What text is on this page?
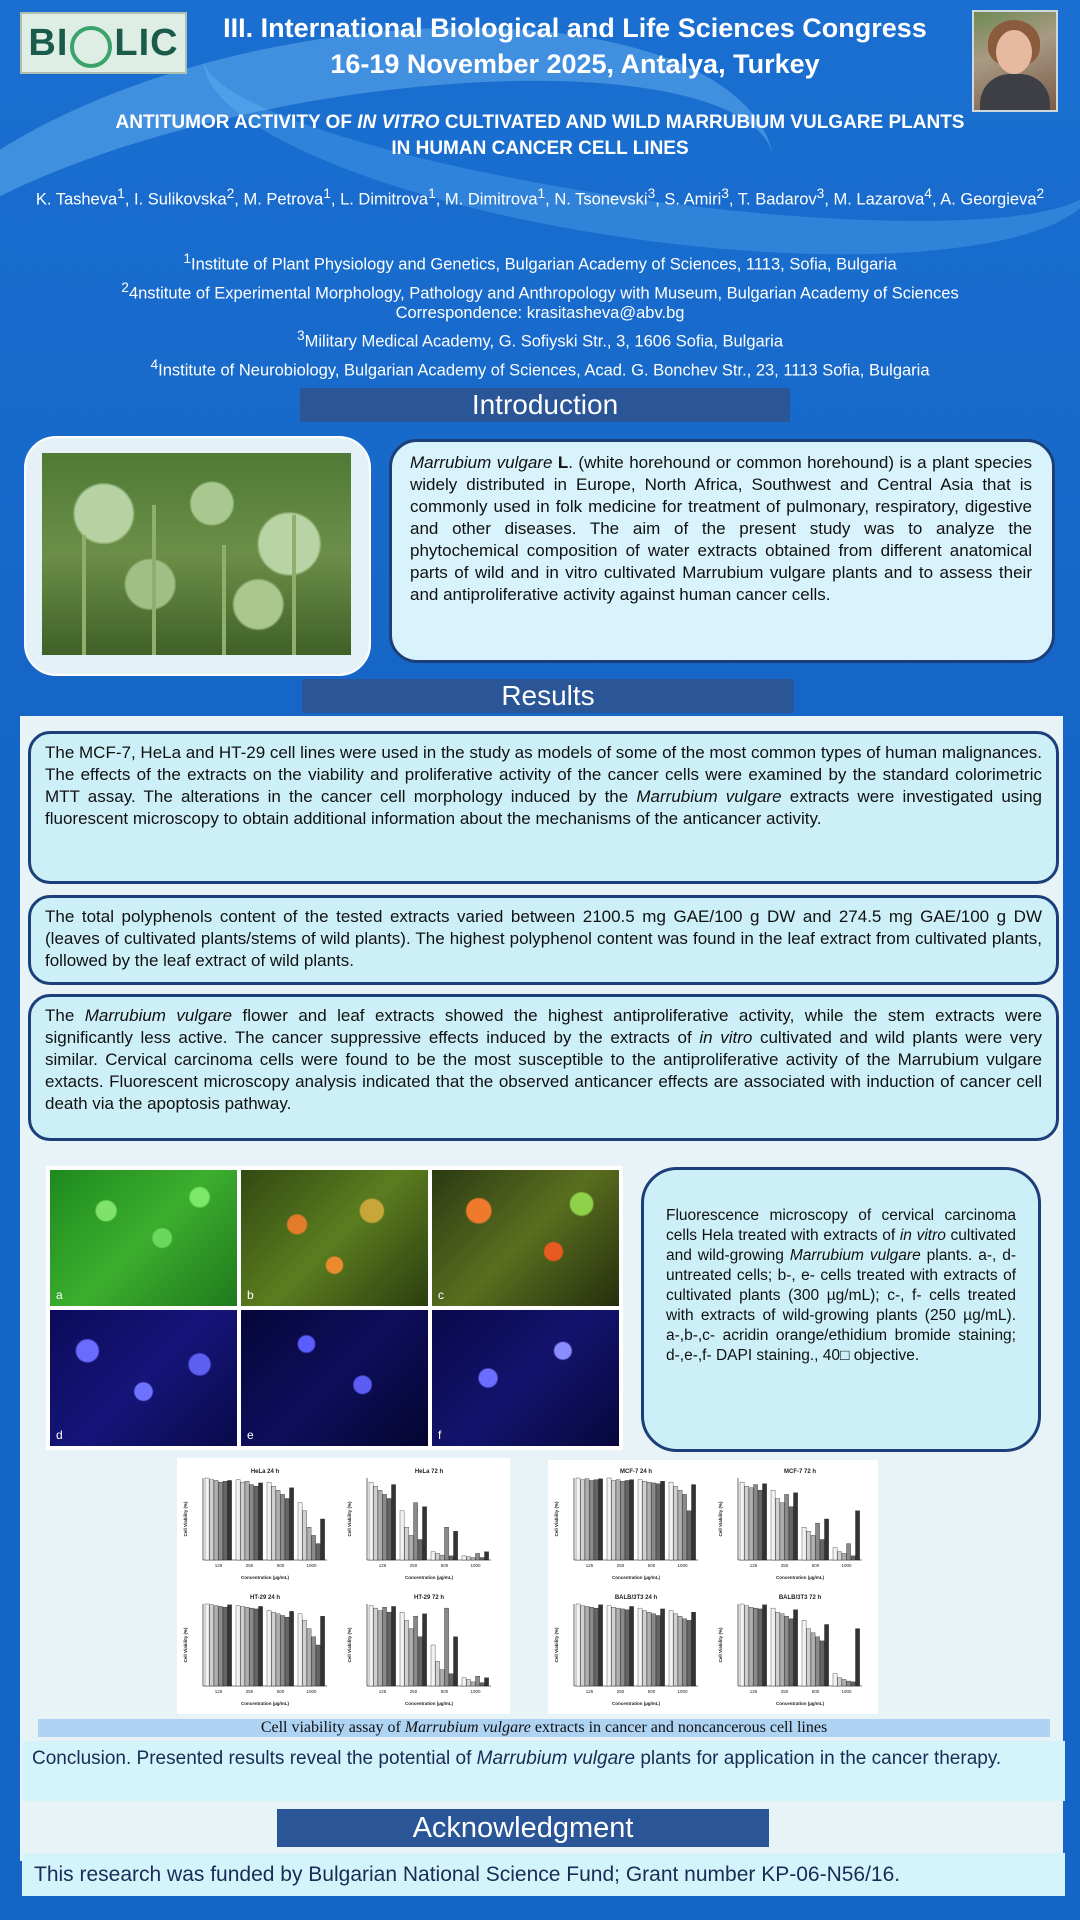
BI LIC	III. International Biological and Life Sciences Congress
16-19 November 2025, Antalya, Turkey
ANTITUMOR ACTIVITY OF IN VITRO CULTIVATED AND WILD MARRUBIUM VULGARE PLANTS
IN HUMAN CANCER CELL LINES
K. Tasheva$^1$, I. Sulikovska$^2$, M. Petrova$^1$, L. Dimitrova$^1$, M. Dimitrova$^1$, N. Tsonevski$^3$, S. Amiri$^3$, T. Badarov$^3$, M. Lazarova$^4$, A. Georgieva$^2$
$^1$Institute of Plant Physiology and Genetics, Bulgarian Academy of Sciences, 1113, Sofia, Bulgaria
$^2$4nstitute of Experimental Morphology, Pathology and Anthropology with Museum, Bulgarian Academy of Sciences
Correspondence: krasitasheva@abv.bg
$^3$Military Medical Academy, G. Sofiyski Str., 3, 1606 Sofia, Bulgaria
$^4$Institute of Neurobiology, Bulgarian Academy of Sciences, Acad. G. Bonchev Str., 23, 1113 Sofia, Bulgaria
Introduction
Marrubium vulgare L. (white horehound or common horehound) is a plant species widely distributed in Europe, North Africa, Southwest and Central Asia that is commonly used in folk medicine for treatment of pulmonary, respiratory, digestive and other diseases. The aim of the present study was to analyze the phytochemical composition of water extracts obtained from different anatomical parts of wild and in vitro cultivated Marrubium vulgare plants and to assess their and antiproliferative activity against human cancer cells.
Results
The MCF-7, HeLa and HT-29 cell lines were used in the study as models of some of the most common types of human malignances. The effects of the extracts on the viability and proliferative activity of the cancer cells were examined by the standard colorimetric MTT assay. The alterations in the cancer cell morphology induced by the Marrubium vulgare extracts were investigated using fluorescent microscopy to obtain additional information about the mechanisms of the anticancer activity.
The total polyphenols content of the tested extracts varied between 2100.5 mg GAE/100 g DW and 274.5 mg GAE/100 g DW (leaves of cultivated plants/stems of wild plants). The highest polyphenol content was found in the leaf extract from cultivated plants, followed by the leaf extract of wild plants.
The Marrubium vulgare flower and leaf extracts showed the highest antiproliferative activity, while the stem extracts were significantly less active. The cancer suppressive effects induced by the extracts of in vitro cultivated and wild plants were very similar. Cervical carcinoma cells were found to be the most susceptible to the antiproliferative activity of the Marrubium vulgare extacts. Fluorescent microscopy analysis indicated that the observed anticancer effects are associated with induction of cancer cell death via the apoptosis pathway.
a	b	c
d	e	f
Fluorescence microscopy of cervical carcinoma cells Hela treated with extracts of in vitro cultivated and wild-growing Marrubium vulgare plants. a-, d- untreated cells; b-, e- cells treated with extracts of cultivated plants (300 µg/mL); c-, f- cells treated with extracts of wild-growing plants (250 µg/mL). a-,b-,c- acridin orange/ethidium bromide staining; d-,e-,f- DAPI staining., 40□ objective.
HeLa 24 h
Cell Viability (%)
Concentration (µg/mL)
125	250	500	1000
HeLa 72 h
Cell Viability (%)
Concentration (µg/mL)
125	250	500	1000
HT-29 24 h
Cell Viability (%)
Concentration (µg/mL)
125	250	500	1000
HT-29 72 h
Cell Viability (%)
Concentration (µg/mL)
125	250	500	1000
MCF-7 24 h
Cell Viability (%)
Concentration (µg/mL)
125	250	500	1000
MCF-7 72 h
Cell Viability (%)
Concentration (µg/mL)
125	250	500	1000
BALB/3T3 24 h
Cell Viability (%)
Concentration (µg/mL)
125	250	500	1000
BALB/3T3 72 h
Cell Viability (%)
Concentration (µg/mL)
125	250	500	1000
Cell viability assay of Marrubium vulgare extracts in cancer and noncancerous cell lines
Conclusion. Presented results reveal the potential of Marrubium vulgare plants for application in the cancer therapy.
Acknowledgment
This research was funded by Bulgarian National Science Fund; Grant number KP-06-N56/16.
